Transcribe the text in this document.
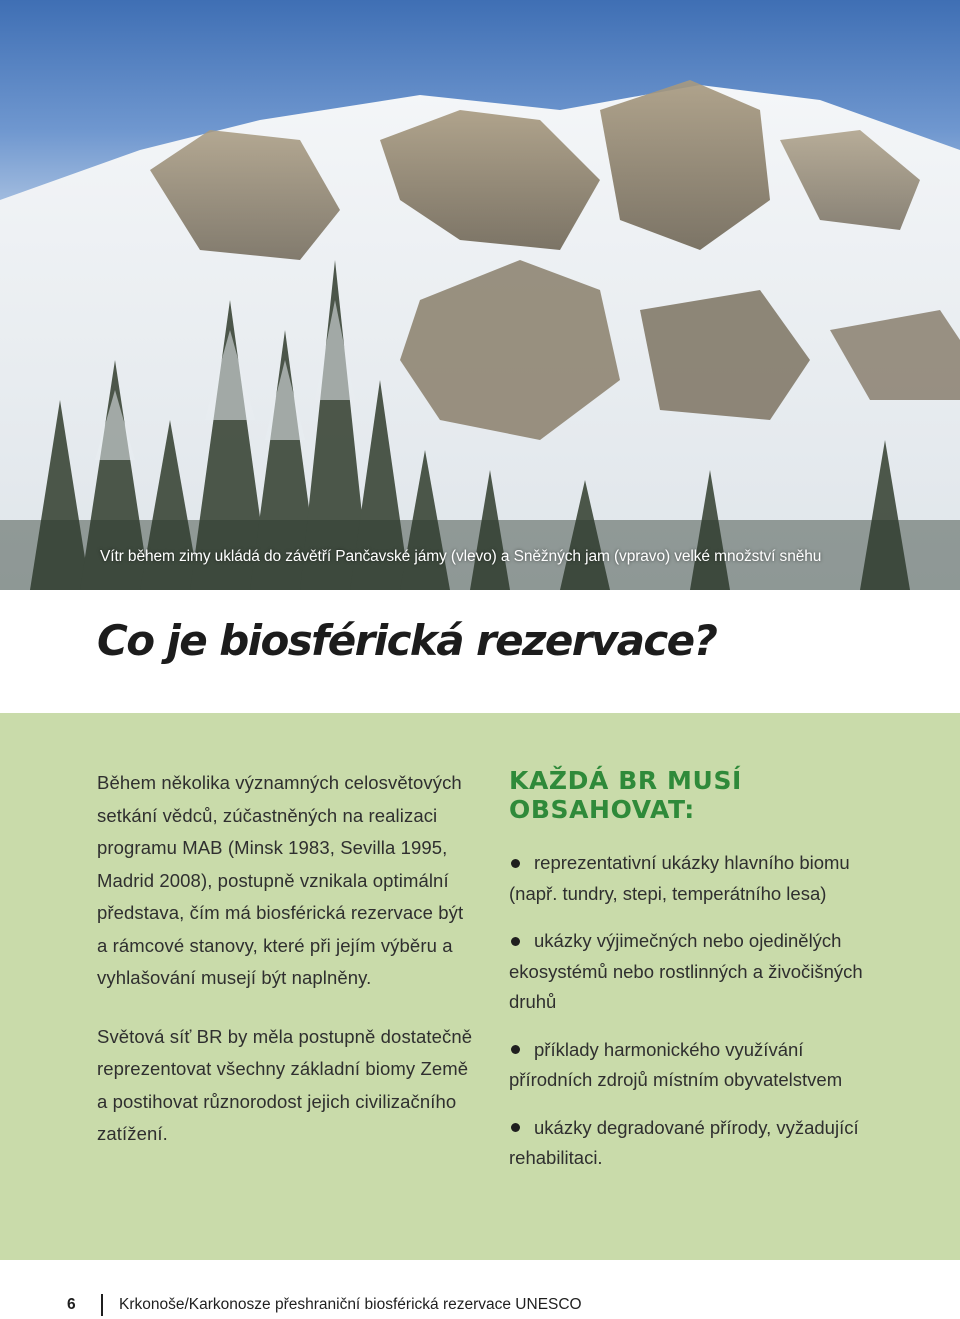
Vítr během zimy ukládá do závětří Pančavské jámy (vlevo) a Sněžných jam (vpravo) velké množství sněhu
Co je biosférická rezervace?

Během několika významných celosvětových setkání vědců, zúčastněných na realizaci programu MAB (Minsk 1983, Sevilla 1995, Madrid 2008), postupně vznikala optimální představa, čím má biosférická rezervace být a rámcové stanovy, které při jejím výběru a vyhlašování musejí být naplněny.

Světová síť BR by měla postupně dostatečně reprezentovat všechny základní biomy Země a postihovat různorodost jejich civilizačního zatížení.

KAŽDÁ BR MUSÍ OBSAHOVAT:
reprezentativní ukázky hlavního biomu (např. tundry, stepi, temperátního lesa)
ukázky výjimečných nebo ojedinělých ekosystémů nebo rostlinných a živočišných druhů
příklady harmonického využívání přírodních zdrojů místním obyvatelstvem
ukázky degradované přírody, vyžadující rehabilitaci.
6	Krkonoše/Karkonosze přeshraniční biosférická rezervace UNESCO
